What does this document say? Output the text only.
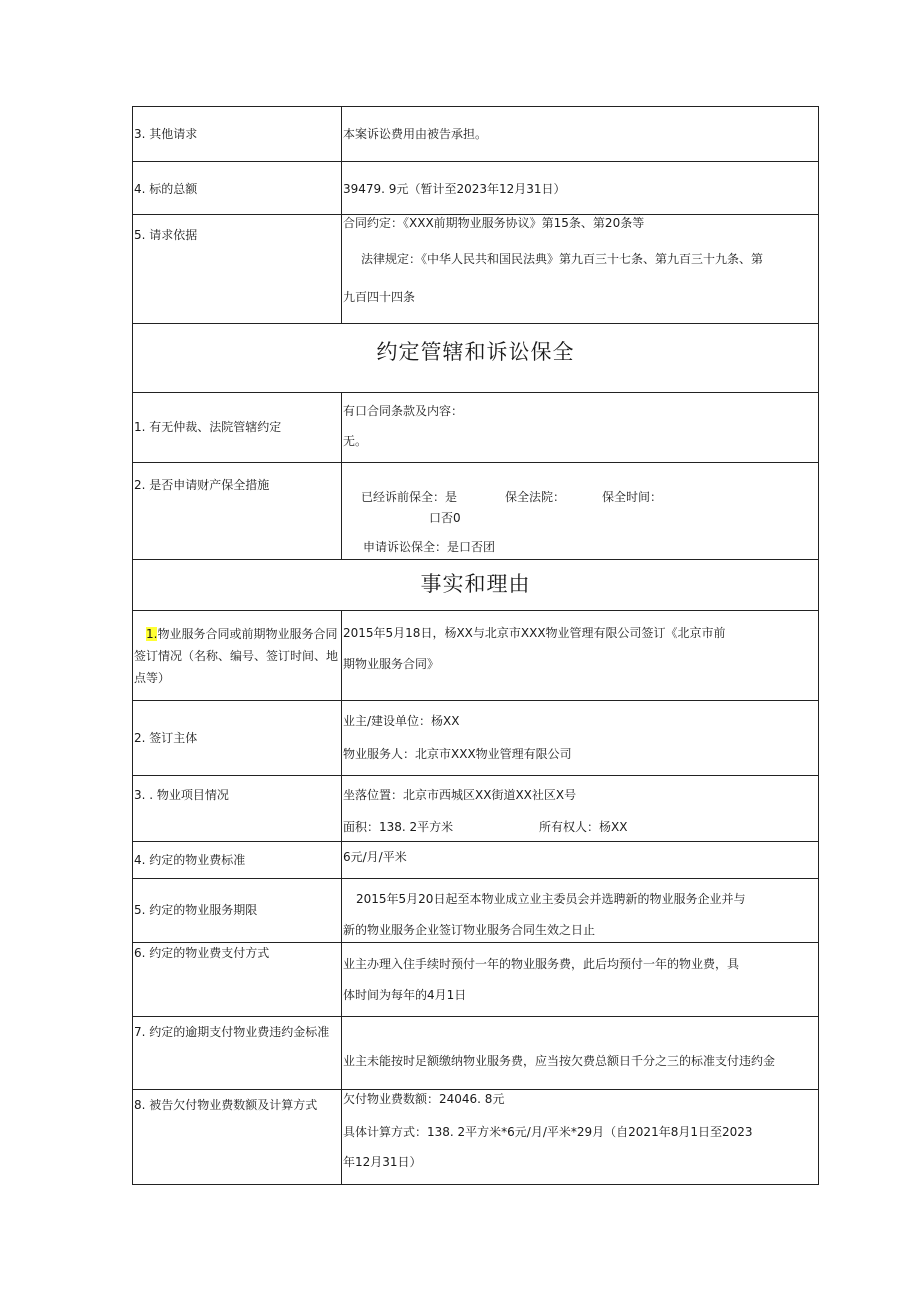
3. 其他请求	本案诉讼费用由被告承担。

4. 标的总额	39479. 9元（暂计至2023年12月31日）

5. 请求依据	合同约定：《XXX前期物业服务协议》第15条、第20条等
法律规定：《中华人民共和国民法典》第九百三十七条、第九百三十九条、第
九百四十四条

约定管辖和诉讼保全	

1. 有无仲裁、法院管辖约定	有口合同条款及内容：
无。

2. 是否申请财产保全措施	已经诉前保全：是 保全法院： 保全时间：
口否0
申请诉讼保全：是口否团

事实和理由	

1.物业服务合同或前期物业服务合同签订情况（名称、编号、签订时间、地点等）	2015年5月18日，杨XX与北京市XXX物业管理有限公司签订《北京市前
期物业服务合同》

2. 签订主体	业主/建设单位：杨XX
物业服务人：北京市XXX物业管理有限公司

3. . 物业项目情况	坐落位置：北京市西城区XX街道XX社区X号
面积：138. 2平方米 所有权人：杨XX

4. 约定的物业费标准	6元/月/平米

5. 约定的物业服务期限	2015年5月20日起至本物业成立业主委员会并选聘新的物业服务企业并与
新的物业服务企业签订物业服务合同生效之日止

6. 约定的物业费支付方式	业主办理入住手续时预付一年的物业服务费，此后均预付一年的物业费，具
体时间为每年的4月1日

7. 约定的逾期支付物业费违约金标准	业主未能按时足额缴纳物业服务费，应当按欠费总额日千分之三的标准支付违约金

8. 被告欠付物业费数额及计算方式	欠付物业费数额：24046. 8元
具体计算方式：138. 2平方米*6元/月/平米*29月（自2021年8月1日至2023
年12月31日）
